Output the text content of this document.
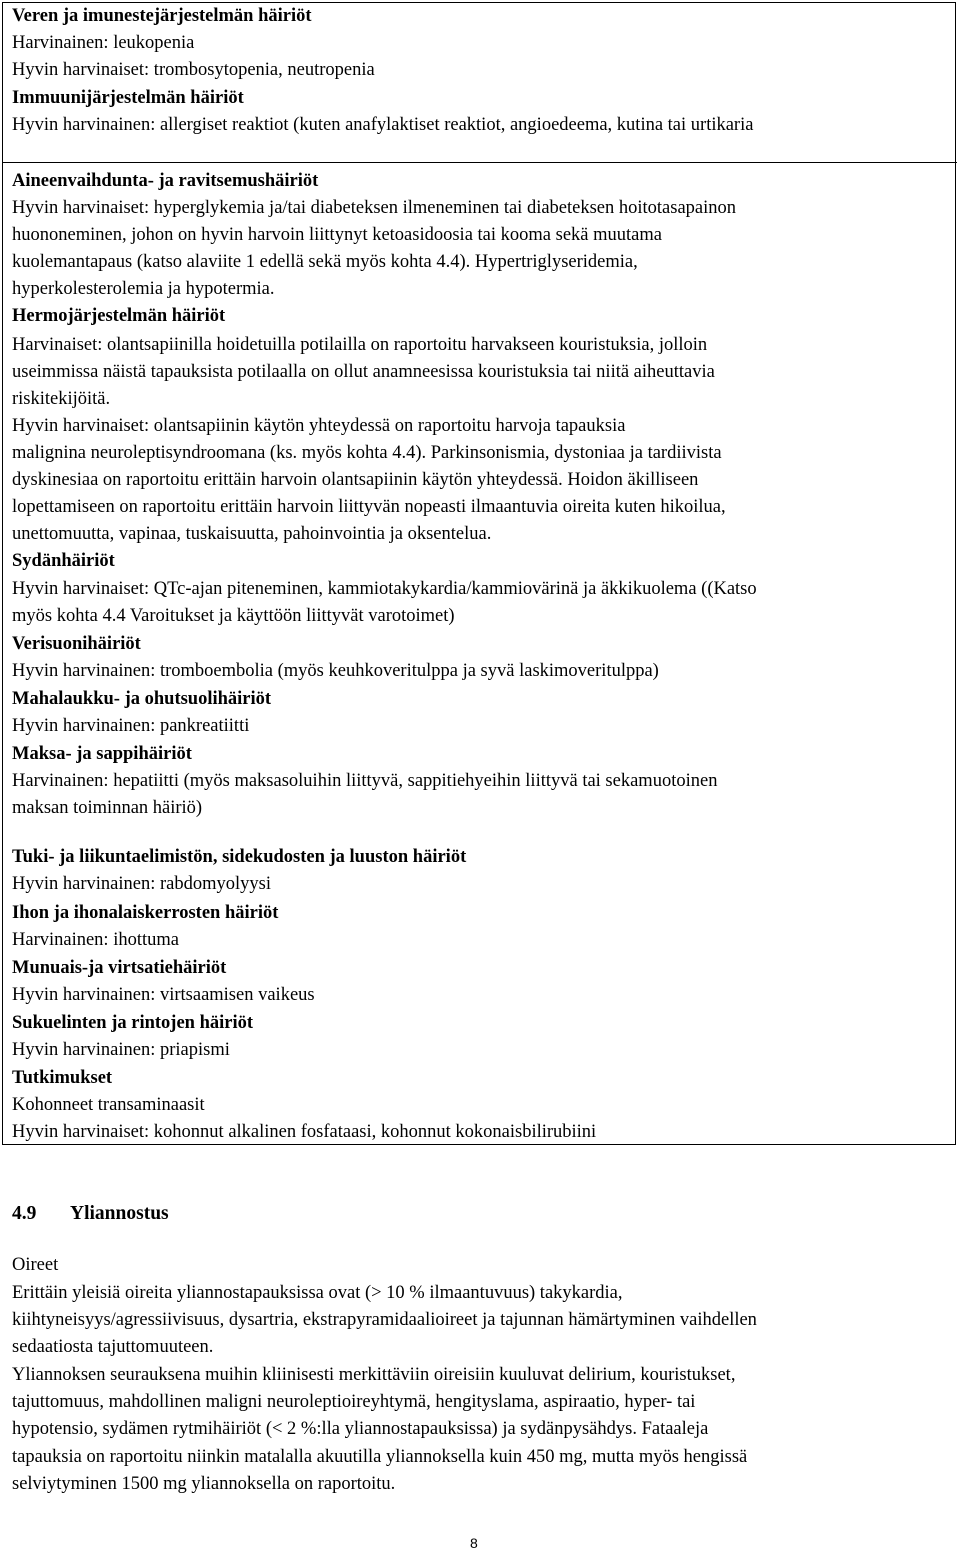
Veren ja imunestejärjestelmän häiriöt
Harvinainen: leukopenia
Hyvin harvinaiset: trombosytopenia, neutropenia
Immuunijärjestelmän häiriöt
Hyvin harvinainen: allergiset reaktiot (kuten anafylaktiset reaktiot, angioedeema, kutina tai urtikaria
Aineenvaihdunta- ja ravitsemushäiriöt
Hyvin harvinaiset: hyperglykemia ja/tai diabeteksen ilmeneminen tai diabeteksen hoitotasapainon
huononeminen, johon on hyvin harvoin liittynyt ketoasidoosia tai kooma sekä muutama
kuolemantapaus (katso alaviite 1 edellä sekä myös kohta 4.4). Hypertriglyseridemia,
hyperkolesterolemia ja hypotermia.
Hermojärjestelmän häiriöt
Harvinaiset: olantsapiinilla hoidetuilla potilailla on raportoitu harvakseen kouristuksia, jolloin
useimmissa näistä tapauksista potilaalla on ollut anamneesissa kouristuksia tai niitä aiheuttavia
riskitekijöitä.
Hyvin harvinaiset: olantsapiinin käytön yhteydessä on raportoitu harvoja tapauksia
malignina neuroleptisyndroomana (ks. myös kohta 4.4). Parkinsonismia, dystoniaa ja tardiivista
dyskinesiaa on raportoitu erittäin harvoin olantsapiinin käytön yhteydessä. Hoidon äkilliseen
lopettamiseen on raportoitu erittäin harvoin liittyvän nopeasti ilmaantuvia oireita kuten hikoilua,
unettomuutta, vapinaa, tuskaisuutta, pahoinvointia ja oksentelua.
Sydänhäiriöt
Hyvin harvinaiset: QTc-ajan piteneminen, kammiotakykardia/kammiovärinä ja äkkikuolema ((Katso
myös kohta 4.4 Varoitukset ja käyttöön liittyvät varotoimet)
Verisuonihäiriöt
Hyvin harvinainen: tromboembolia (myös keuhkoveritulppa ja syvä laskimoveritulppa)
Mahalaukku- ja ohutsuolihäiriöt
Hyvin harvinainen: pankreatiitti
Maksa- ja sappihäiriöt
Harvinainen: hepatiitti (myös maksasoluihin liittyvä, sappitiehyeihin liittyvä tai sekamuotoinen
maksan toiminnan häiriö)
Tuki- ja liikuntaelimistön, sidekudosten ja luuston häiriöt
Hyvin harvinainen: rabdomyolyysi
Ihon ja ihonalaiskerrosten häiriöt
Harvinainen: ihottuma
Munuais-ja virtsatiehäiriöt
Hyvin harvinainen: virtsaamisen vaikeus
Sukuelinten ja rintojen häiriöt
Hyvin harvinainen: priapismi
Tutkimukset
Kohonneet transaminaasit
Hyvin harvinaiset: kohonnut alkalinen fosfataasi, kohonnut kokonaisbilirubiini
4.9 Yliannostus
Oireet
Erittäin yleisiä oireita yliannostapauksissa ovat (> 10 % ilmaantuvuus) takykardia,
kiihtyneisyys/agressiivisuus, dysartria, ekstrapyramidaalioireet ja tajunnan hämärtyminen vaihdellen
sedaatiosta tajuttomuuteen.
Yliannoksen seurauksena muihin kliinisesti merkittäviin oireisiin kuuluvat delirium, kouristukset,
tajuttomuus, mahdollinen maligni neuroleptioireyhtymä, hengityslama, aspiraatio, hyper- tai
hypotensio, sydämen rytmihäiriöt (< 2 %:lla yliannostapauksissa) ja sydänpysähdys. Fataaleja
tapauksia on raportoitu niinkin matalalla akuutilla yliannoksella kuin 450 mg, mutta myös hengissä
selviytyminen 1500 mg yliannoksella on raportoitu.
8
